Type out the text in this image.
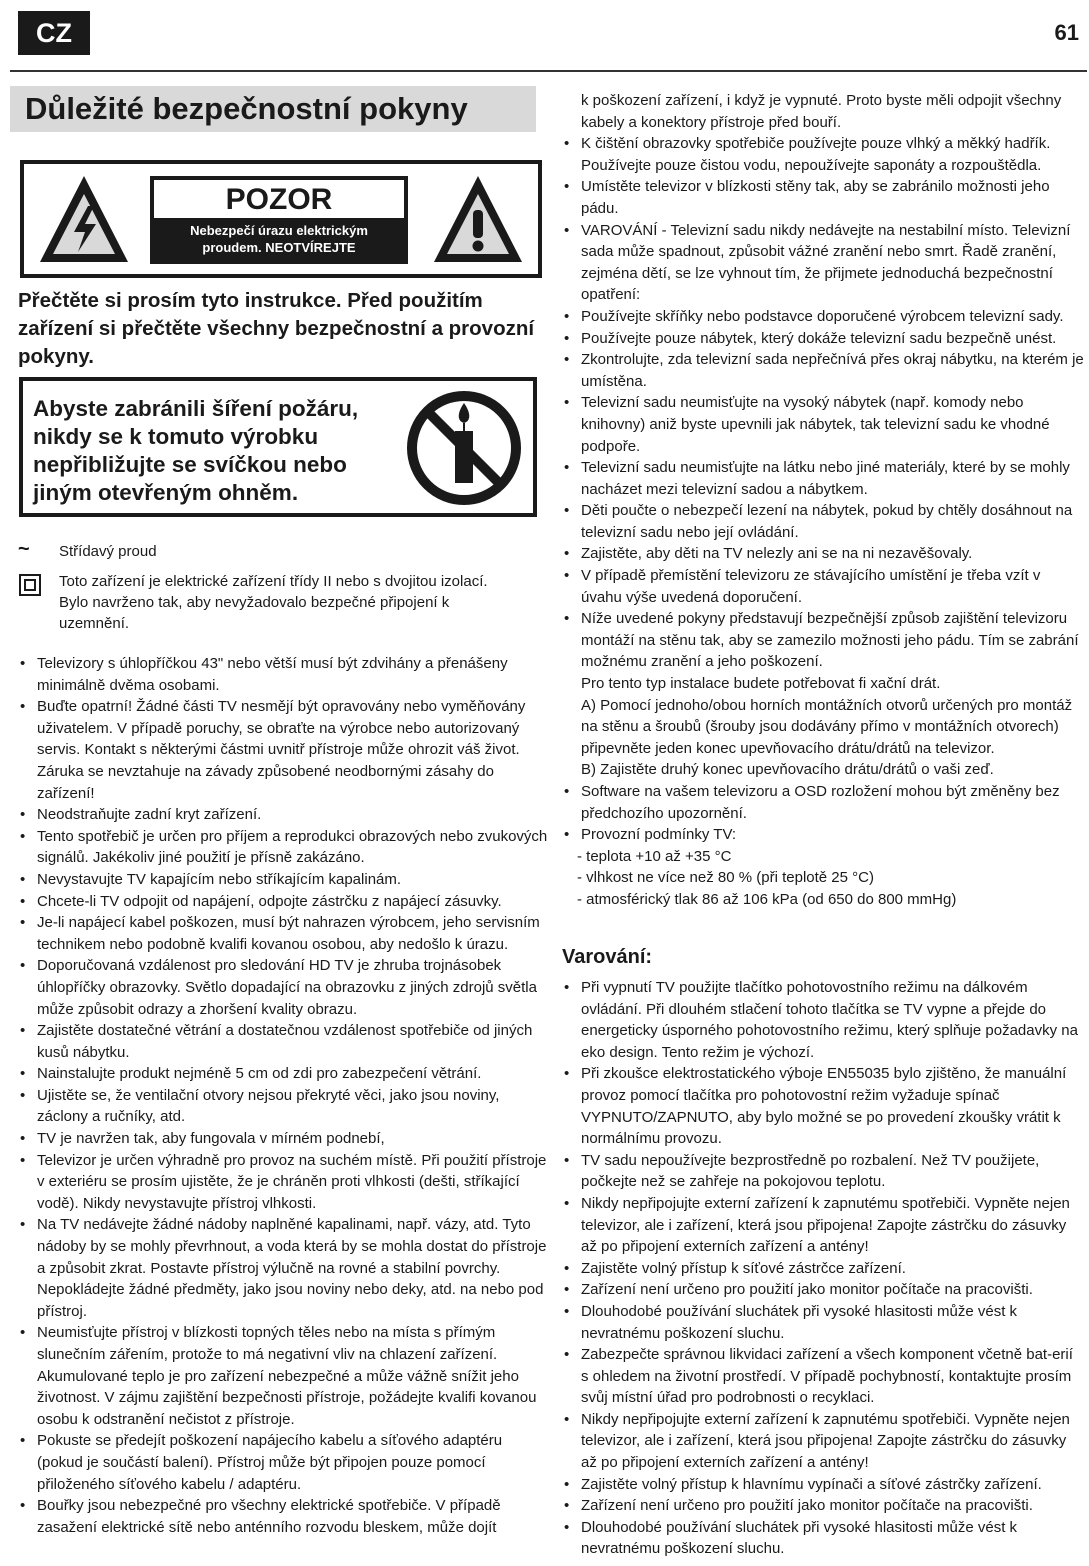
CZ	61
Důležité bezpečnostní pokyny
POZOR
Nebezpečí úrazu elektrickým
proudem. NEOTVÍREJTE
Přečtěte si prosím tyto instrukce. Před použitím zařízení si přečtěte všechny bezpečnostní a provozní pokyny.
Abyste zabránili šíření požáru, nikdy se k tomuto výrobku nepřibližujte se svíčkou nebo jiným otevřeným ohněm.
~	Střídavý proud
Toto zařízení je elektrické zařízení třídy II nebo s dvojitou izolací. Bylo navrženo tak, aby nevyžadovalo bezpečné připojení k uzemnění.
• Televizory s úhlopříčkou 43" nebo větší musí být zdvihány a přenášeny minimálně dvěma osobami.
• Buďte opatrní! Žádné části TV nesmějí být opravovány nebo vyměňovány uživatelem. V případě poruchy, se obraťte na výrobce nebo autorizovaný servis. Kontakt s některými částmi uvnitř přístroje může ohrozit váš život. Záruka se nevztahuje na závady způsobené neodbornými zásahy do zařízení!
• Neodstraňujte zadní kryt zařízení.
• Tento spotřebič je určen pro příjem a reprodukci obrazových nebo zvukových signálů. Jakékoliv jiné použití je přísně zakázáno.
• Nevystavujte TV kapajícím nebo stříkajícím kapalinám.
• Chcete-li TV odpojit od napájení, odpojte zástrčku z napájecí zásuvky.
• Je-li napájecí kabel poškozen, musí být nahrazen výrobcem, jeho servisním technikem nebo podobně kvalifi kovanou osobou, aby nedošlo k úrazu.
• Doporučovaná vzdálenost pro sledování HD TV je zhruba trojnásobek úhlopříčky obrazovky. Světlo dopadající na obrazovku z jiných zdrojů světla může způsobit odrazy a zhoršení kvality obrazu.
• Zajistěte dostatečné větrání a dostatečnou vzdálenost spotřebiče od jiných kusů nábytku.
• Nainstalujte produkt nejméně 5 cm od zdi pro zabezpečení větrání.
• Ujistěte se, že ventilační otvory nejsou překryté věci, jako jsou noviny, záclony a ručníky, atd.
• TV je navržen tak, aby fungovala v mírném podnebí,
• Televizor je určen výhradně pro provoz na suchém místě. Při použití přístroje v exteriéru se prosím ujistěte, že je chráněn proti vlhkosti (dešti, stříkající vodě). Nikdy nevystavujte přístroj vlhkosti.
• Na TV nedávejte žádné nádoby naplněné kapalinami, např. vázy, atd. Tyto nádoby by se mohly převrhnout, a voda která by se mohla dostat do přístroje a způsobit zkrat. Postavte přístroj výlučně na rovné a stabilní povrchy. Nepokládejte žádné předměty, jako jsou noviny nebo deky, atd. na nebo pod přístroj.
• Neumisťujte přístroj v blízkosti topných těles nebo na místa s přímým slunečním zářením, protože to má negativní vliv na chlazení zařízení. Akumulované teplo je pro zařízení nebezpečné a může vážně snížit jeho životnost. V zájmu zajištění bezpečnosti přístroje, požádejte kvalifi kovanou osobu k odstranění nečistot z přístroje.
• Pokuste se předejít poškození napájecího kabelu a síťového adaptéru (pokud je součástí balení). Přístroj může být připojen pouze pomocí přiloženého síťového kabelu / adaptéru.
• Bouřky jsou nebezpečné pro všechny elektrické spotřebiče. V případě zasažení elektrické sítě nebo anténního rozvodu bleskem, může dojít
k poškození zařízení, i když je vypnuté. Proto byste měli odpojit všechny kabely a konektory přístroje před bouří.
• K čištění obrazovky spotřebiče používejte pouze vlhký a měkký hadřík. Používejte pouze čistou vodu, nepoužívejte saponáty a rozpouštědla.
• Umístěte televizor v blízkosti stěny tak, aby se zabránilo možnosti jeho pádu.
• VAROVÁNÍ - Televizní sadu nikdy nedávejte na nestabilní místo. Televizní sada může spadnout, způsobit vážné zranění nebo smrt. Řadě zranění, zejména dětí, se lze vyhnout tím, že přijmete jednoduchá bezpečnostní opatření:
• Používejte skříňky nebo podstavce doporučené výrobcem televizní sady.
• Používejte pouze nábytek, který dokáže televizní sadu bezpečně unést.
• Zkontrolujte, zda televizní sada nepřečnívá přes okraj nábytku, na kterém je umístěna.
• Televizní sadu neumisťujte na vysoký nábytek (např. komody nebo knihovny) aniž byste upevnili jak nábytek, tak televizní sadu ke vhodné podpoře.
• Televizní sadu neumisťujte na látku nebo jiné materiály, které by se mohly nacházet mezi televizní sadou a nábytkem.
• Děti poučte o nebezpečí lezení na nábytek, pokud by chtěly dosáhnout na televizní sadu nebo její ovládání.
• Zajistěte, aby děti na TV nelezly ani se na ni nezavěšovaly.
• V případě přemístění televizoru ze stávajícího umístění je třeba vzít v úvahu výše uvedená doporučení.
• Níže uvedené pokyny představují bezpečnější způsob zajištění televizoru montáží na stěnu tak, aby se zamezilo možnosti jeho pádu. Tím se zabrání možnému zranění a jeho poškození.
Pro tento typ instalace budete potřebovat fi xační drát.
A) Pomocí jednoho/obou horních montážních otvorů určených pro montáž na stěnu a šroubů (šrouby jsou dodávány přímo v montážních otvorech) připevněte jeden konec upevňovacího drátu/drátů na televizor.
B) Zajistěte druhý konec upevňovacího drátu/drátů o vaši zeď.
• Software na vašem televizoru a OSD rozložení mohou být změněny bez předchozího upozornění.
• Provozní podmínky TV:
- teplota +10 až +35 °C
- vlhkost ne více než 80 % (při teplotě 25 °C)
- atmosférický tlak 86 až 106 kPa (od 650 do 800 mmHg)
Varování:
• Při vypnutí TV použijte tlačítko pohotovostního režimu na dálkovém ovládání. Při dlouhém stlačení tohoto tlačítka se TV vypne a přejde do energeticky úsporného pohotovostního režimu, který splňuje požadavky na eko design. Tento režim je výchozí.
• Při zkoušce elektrostatického výboje EN55035 bylo zjištěno, že manuální provoz pomocí tlačítka pro pohotovostní režim vyžaduje spínač VYPNUTO/ZAPNUTO, aby bylo možné se po provedení zkoušky vrátit k normálnímu provozu.
• TV sadu nepoužívejte bezprostředně po rozbalení. Než TV použijete, počkejte než se zahřeje na pokojovou teplotu.
• Nikdy nepřipojujte externí zařízení k zapnutému spotřebiči. Vypněte nejen televizor, ale i zařízení, která jsou připojena! Zapojte zástrčku do zásuvky až po připojení externích zařízení a antény!
• Zajistěte volný přístup k síťové zástrčce zařízení.
• Zařízení není určeno pro použití jako monitor počítače na pracovišti.
• Dlouhodobé používání sluchátek při vysoké hlasitosti může vést k nevratnému poškození sluchu.
• Zabezpečte správnou likvidaci zařízení a všech komponent včetně bat-erií s ohledem na životní prostředí. V případě pochybností, kontaktujte prosím svůj místní úřad pro podrobnosti o recyklaci.
• Nikdy nepřipojujte externí zařízení k zapnutému spotřebiči. Vypněte nejen televizor, ale i zařízení, která jsou připojena! Zapojte zástrčku do zásuvky až po připojení externích zařízení a antény!
• Zajistěte volný přístup k hlavnímu vypínači a síťové zástrčky zařízení.
• Zařízení není určeno pro použití jako monitor počítače na pracovišti.
• Dlouhodobé používání sluchátek při vysoké hlasitosti může vést k nevratnému poškození sluchu.
